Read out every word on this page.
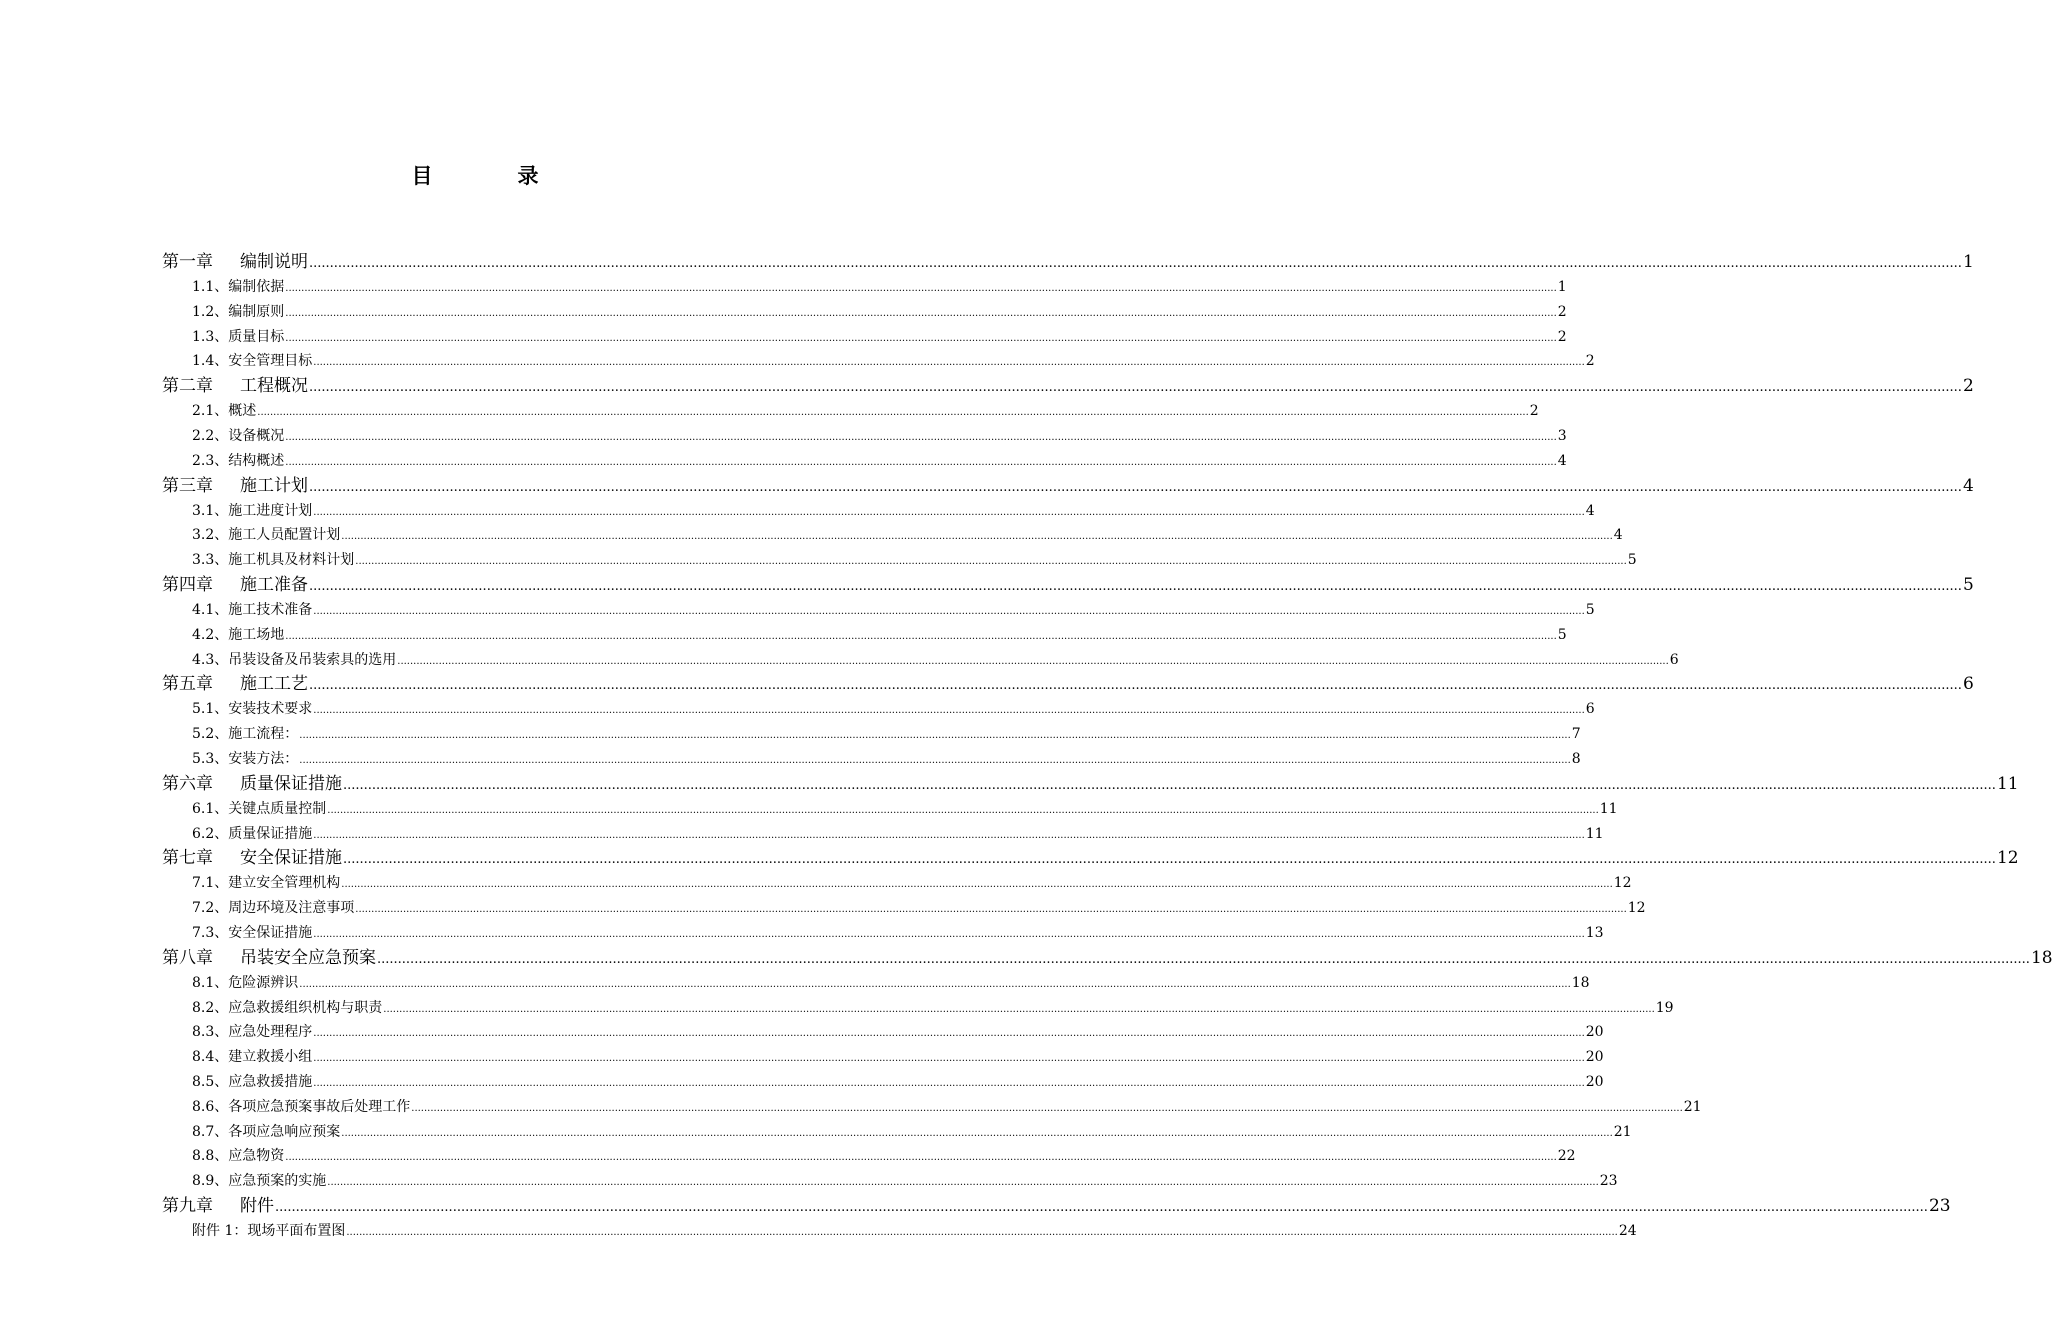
目	录
第一章 编制说明 ................................................................................................................................................................................................................................................................................................................................................................................................................ 1
1.1、编制依据 ................................................................................................................................................................................................................................................................................................................................................................................................................ 1
1.2、编制原则 ................................................................................................................................................................................................................................................................................................................................................................................................................ 2
1.3、质量目标 ................................................................................................................................................................................................................................................................................................................................................................................................................ 2
1.4、安全管理目标 ................................................................................................................................................................................................................................................................................................................................................................................................................ 2
第二章 工程概况 ................................................................................................................................................................................................................................................................................................................................................................................................................ 2
2.1、概述 ................................................................................................................................................................................................................................................................................................................................................................................................................ 2
2.2、设备概况 ................................................................................................................................................................................................................................................................................................................................................................................................................ 3
2.3、结构概述 ................................................................................................................................................................................................................................................................................................................................................................................................................ 4
第三章 施工计划 ................................................................................................................................................................................................................................................................................................................................................................................................................ 4
3.1、施工进度计划 ................................................................................................................................................................................................................................................................................................................................................................................................................ 4
3.2、施工人员配置计划 ................................................................................................................................................................................................................................................................................................................................................................................................................ 4
3.3、施工机具及材料计划 ................................................................................................................................................................................................................................................................................................................................................................................................................ 5
第四章 施工准备 ................................................................................................................................................................................................................................................................................................................................................................................................................ 5
4.1、施工技术准备 ................................................................................................................................................................................................................................................................................................................................................................................................................ 5
4.2、施工场地 ................................................................................................................................................................................................................................................................................................................................................................................................................ 5
4.3、吊装设备及吊装索具的选用 ................................................................................................................................................................................................................................................................................................................................................................................................................ 6
第五章 施工工艺 ................................................................................................................................................................................................................................................................................................................................................................................................................ 6
5.1、安装技术要求 ................................................................................................................................................................................................................................................................................................................................................................................................................ 6
5.2、施工流程： ................................................................................................................................................................................................................................................................................................................................................................................................................ 7
5.3、安装方法： ................................................................................................................................................................................................................................................................................................................................................................................................................ 8
第六章 质量保证措施 ................................................................................................................................................................................................................................................................................................................................................................................................................ 11
6.1、关键点质量控制 ................................................................................................................................................................................................................................................................................................................................................................................................................ 11
6.2、质量保证措施 ................................................................................................................................................................................................................................................................................................................................................................................................................ 11
第七章 安全保证措施 ................................................................................................................................................................................................................................................................................................................................................................................................................ 12
7.1、建立安全管理机构 ................................................................................................................................................................................................................................................................................................................................................................................................................ 12
7.2、周边环境及注意事项 ................................................................................................................................................................................................................................................................................................................................................................................................................ 12
7.3、安全保证措施 ................................................................................................................................................................................................................................................................................................................................................................................................................ 13
第八章 吊装安全应急预案 ................................................................................................................................................................................................................................................................................................................................................................................................................ 18
8.1、危险源辨识 ................................................................................................................................................................................................................................................................................................................................................................................................................ 18
8.2、应急救援组织机构与职责 ................................................................................................................................................................................................................................................................................................................................................................................................................ 19
8.3、应急处理程序 ................................................................................................................................................................................................................................................................................................................................................................................................................ 20
8.4、建立救援小组 ................................................................................................................................................................................................................................................................................................................................................................................................................ 20
8.5、应急救援措施 ................................................................................................................................................................................................................................................................................................................................................................................................................ 20
8.6、各项应急预案事故后处理工作 ................................................................................................................................................................................................................................................................................................................................................................................................................ 21
8.7、各项应急响应预案 ................................................................................................................................................................................................................................................................................................................................................................................................................ 21
8.8、应急物资 ................................................................................................................................................................................................................................................................................................................................................................................................................ 22
8.9、应急预案的实施 ................................................................................................................................................................................................................................................................................................................................................................................................................ 23
第九章 附件 ................................................................................................................................................................................................................................................................................................................................................................................................................ 23
附件 1：现场平面布置图 ................................................................................................................................................................................................................................................................................................................................................................................................................ 24
